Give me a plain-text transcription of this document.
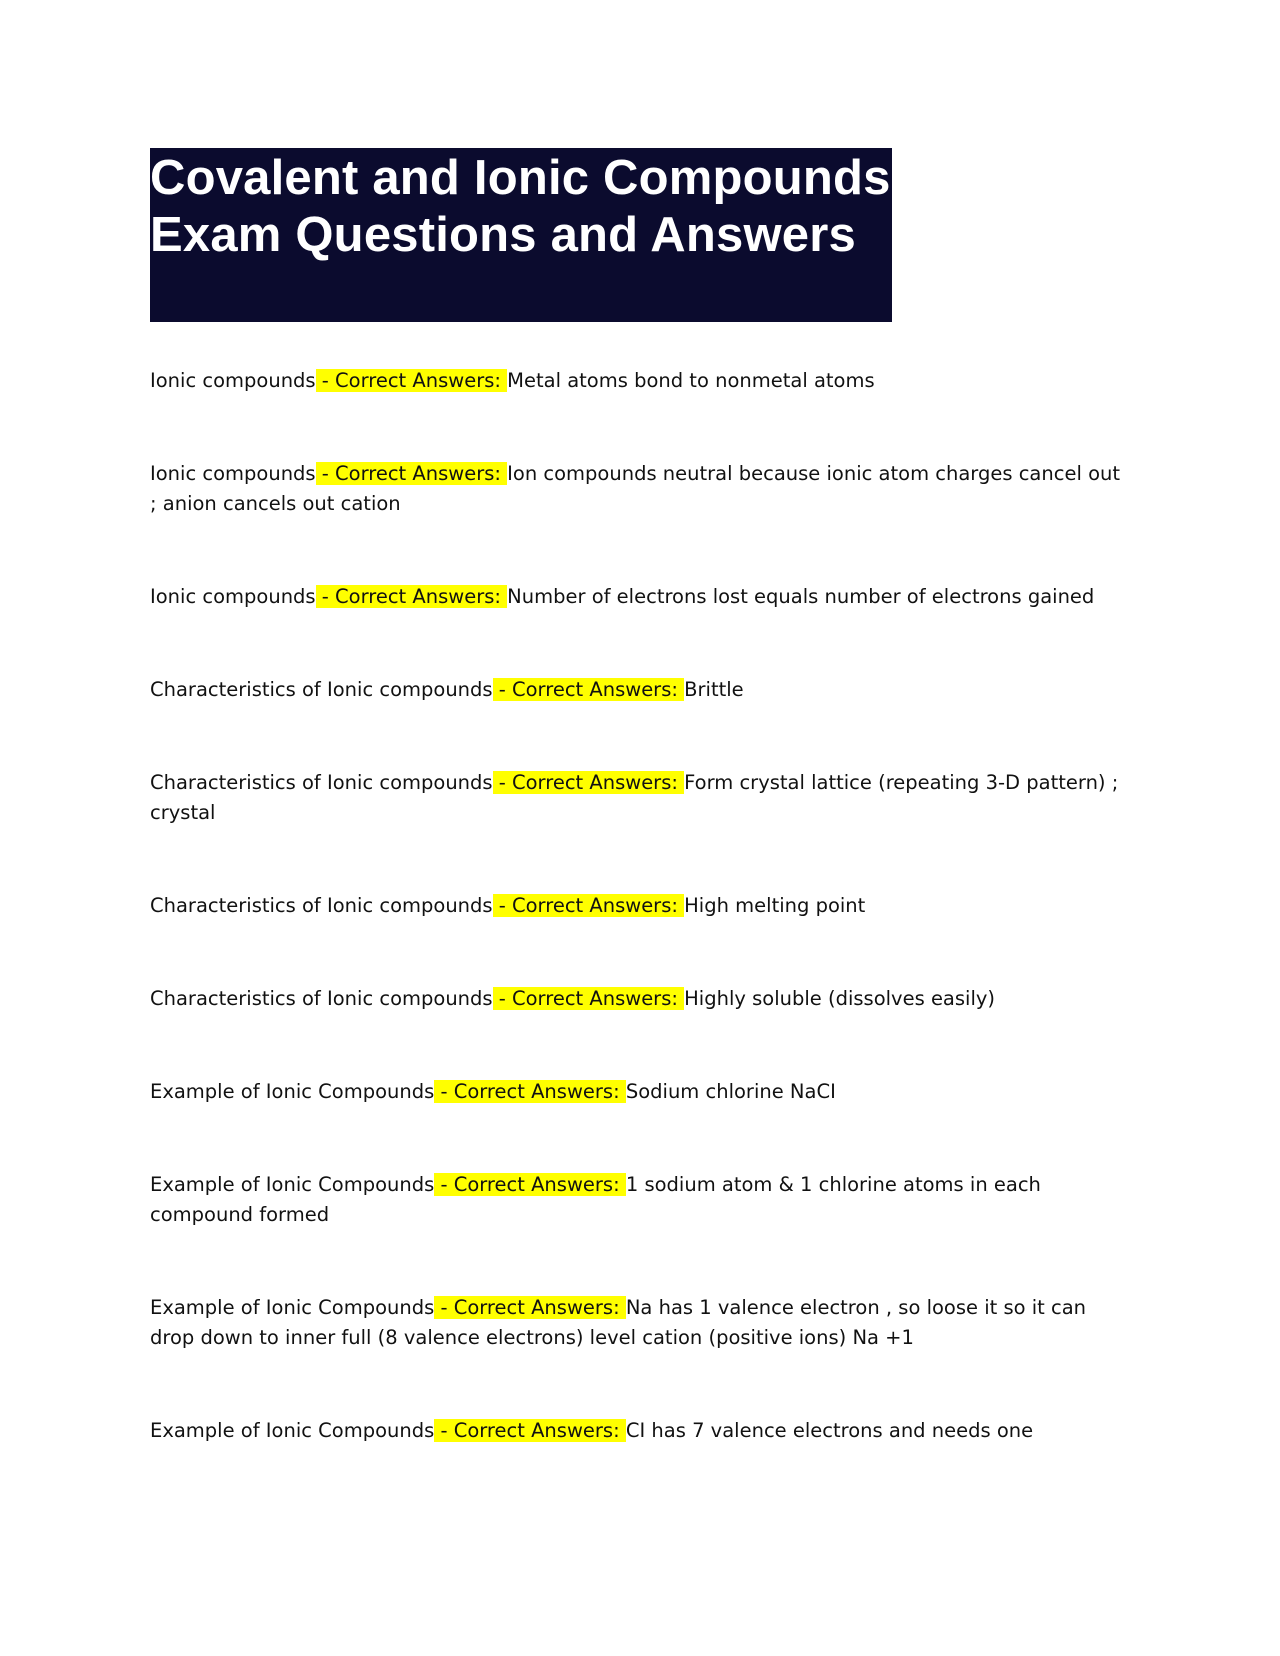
Covalent and Ionic Compounds Exam Questions and Answers
Ionic compounds - Correct Answers: Metal atoms bond to nonmetal atoms
Ionic compounds - Correct Answers: Ion compounds neutral because ionic atom charges cancel out ; anion cancels out cation
Ionic compounds - Correct Answers: Number of electrons lost equals number of electrons gained
Characteristics of Ionic compounds - Correct Answers: Brittle
Characteristics of Ionic compounds - Correct Answers: Form crystal lattice (repeating 3-D pattern) ; crystal
Characteristics of Ionic compounds - Correct Answers: High melting point
Characteristics of Ionic compounds - Correct Answers: Highly soluble (dissolves easily)
Example of Ionic Compounds - Correct Answers: Sodium chlorine NaCI
Example of Ionic Compounds - Correct Answers: 1 sodium atom & 1 chlorine atoms in each compound formed
Example of Ionic Compounds - Correct Answers: Na has 1 valence electron , so loose it so it can drop down to inner full (8 valence electrons) level cation (positive ions) Na +1
Example of Ionic Compounds - Correct Answers: CI has 7 valence electrons and needs one
